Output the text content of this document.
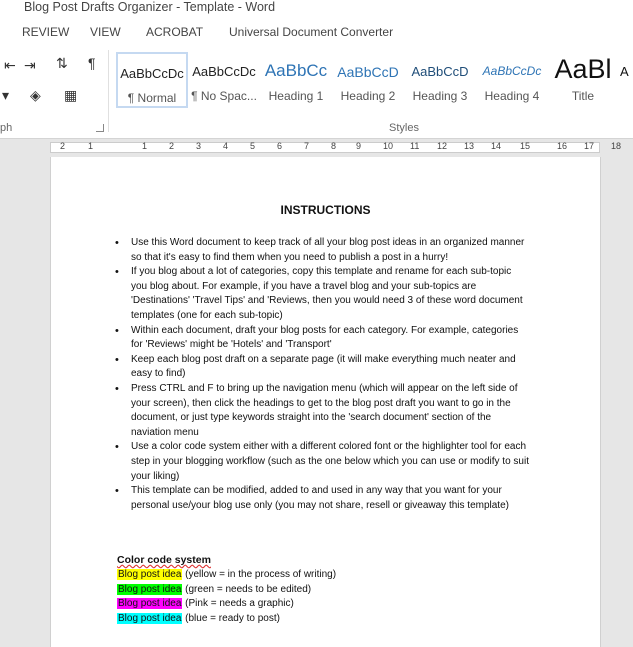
Blog Post Drafts Organizer - Template - Word
REVIEW VIEW ACROBAT Universal Document Converter
⇤ ⇥ ⇅ ¶
▾ ◈ ▦
ph
AaBbCcDc
¶ Normal
AaBbCcDc
¶ No Spac...
AaBbCc
Heading 1
AaBbCcD
Heading 2
AaBbCcD
Heading 3
AaBbCcDc
Heading 4
AaBl
Title
A
Styles
2	1	1 2 3 4 5 6 7 8 9 10 11 12 13 14 15	16 17 18
INSTRUCTIONS
• Use this Word document to keep track of all your blog post ideas in an organized manner so that it's easy to find them when you need to publish a post in a hurry!
• If you blog about a lot of categories, copy this template and rename for each sub-topic you blog about. For example, if you have a travel blog and your sub-topics are 'Destinations' 'Travel Tips' and 'Reviews, then you would need 3 of these word document templates (one for each sub-topic)
• Within each document, draft your blog posts for each category. For example, categories for 'Reviews' might be 'Hotels' and 'Transport'
• Keep each blog post draft on a separate page (it will make everything much neater and easy to find)
• Press CTRL and F to bring up the navigation menu (which will appear on the left side of your screen), then click the headings to get to the blog post draft you want to go in the document, or just type keywords straight into the 'search document' section of the naviation menu
• Use a color code system either with a different colored font or the highlighter tool for each step in your blogging workflow (such as the one below which you can use or modify to suit your liking)
• This template can be modified, added to and used in any way that you want for your personal use/your blog use only (you may not share, resell or giveaway this template)
Color code system
Blog post idea (yellow = in the process of writing)
Blog post idea (green = needs to be edited)
Blog post idea (Pink = needs a graphic)
Blog post idea (blue = ready to post)
